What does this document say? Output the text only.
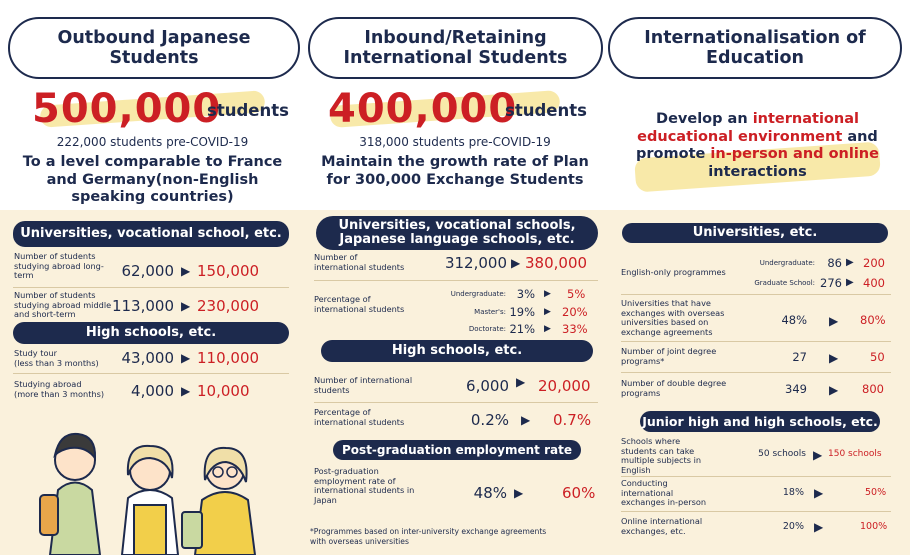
Outbound Japanese
Students
500,000
students
222,000 students pre-COVID-19
To a level comparable to France
and Germany(non-English
speaking countries)
Universities, vocational school, etc.
Number of students
studying abroad long-
term	62,000 ▶ 150,000
Number of students
studying abroad middle
and short-term	113,000 ▶ 230,000
High schools, etc.
Study tour
(less than 3 months)	43,000 ▶ 110,000
Studying abroad
(more than 3 months)	4,000 ▶ 10,000
Inbound/Retaining
International Students
400,000
students
318,000 students pre-COVID-19
Maintain the growth rate of Plan
for 300,000 Exchange Students
Universities, vocational schools,
Japanese language schools, etc.
Number of
international students	312,000 ▶ 380,000
Percentage of
international students
Undergraduate: 3% ▶ 5%
Master's: 19% ▶ 20%
Doctorate: 21% ▶ 33%
High schools, etc.
Number of international
students	6,000 ▶ 20,000
Percentage of
international students	0.2% ▶ 0.7%
Post-graduation employment rate
Post-graduation
employment rate of
international students in
Japan	48% ▶	60%
*Programmes based on inter-university exchange agreements
with overseas universities
Internationalisation of
Education
Develop an international
educational environment and
promote in-person and online
interactions
Universities, etc.
English-only programmes
Undergraduate: 86 ▶ 200
Graduate School: 276 ▶ 400
Universities that have
exchanges with overseas
universities based on
exchange agreements
48% ▶ 80%
Number of joint degree
programs*	27 ▶	50
Number of double degree
programs	349 ▶ 800
Junior high and high schools, etc.
Schools where
students can take
multiple subjects in
English
50 schools ▶ 150 schools
Conducting
international
exchanges in-person
18% ▶	50%
Online international
exchanges, etc.	20% ▶	100%
